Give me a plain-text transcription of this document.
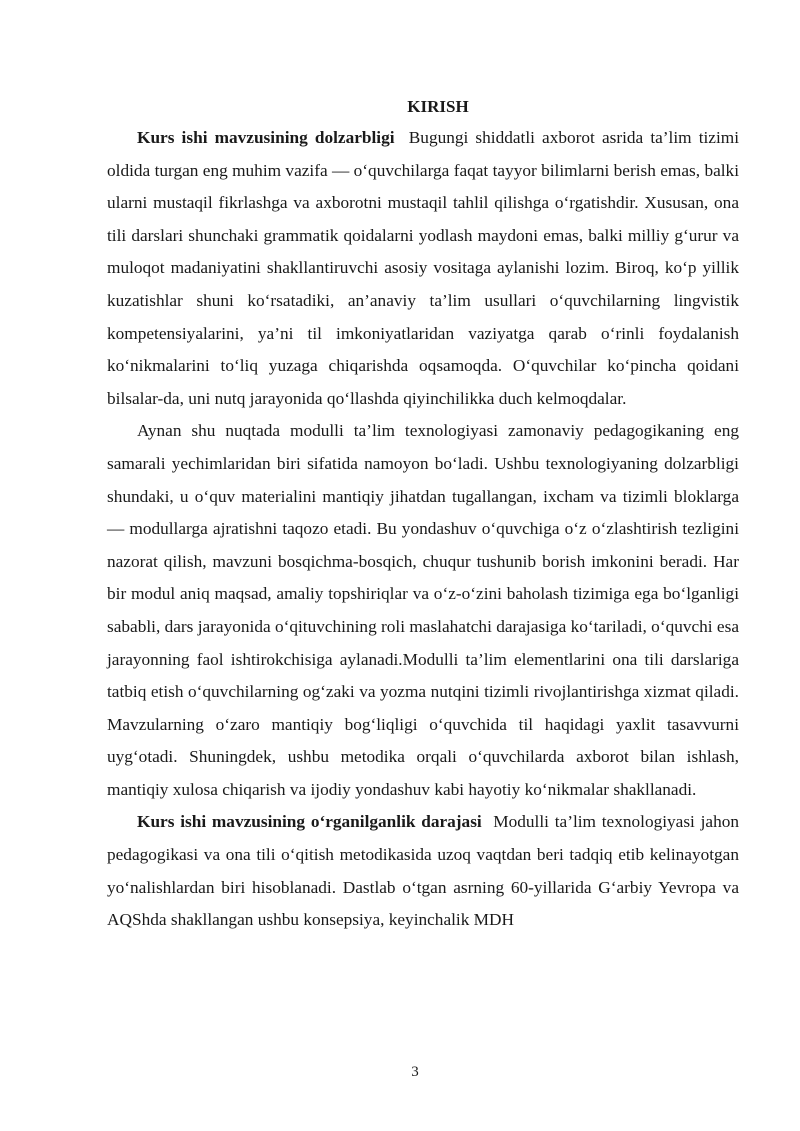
KIRISH

Kurs ishi mavzusining dolzarbligi Bugungi shiddatli axborot asrida ta’lim tizimi oldida turgan eng muhim vazifa — o‘quvchilarga faqat tayyor bilimlarni berish emas, balki ularni mustaqil fikrlashga va axborotni mustaqil tahlil qilishga o‘rgatishdir. Xususan, ona tili darslari shunchaki grammatik qoidalarni yodlash maydoni emas, balki milliy g‘urur va muloqot madaniyatini shakllantiruvchi asosiy vositaga aylanishi lozim. Biroq, ko‘p yillik kuzatishlar shuni ko‘rsatadiki, an’anaviy ta’lim usullari o‘quvchilarning lingvistik kompetensiyalarini, ya’ni til imkoniyatlaridan vaziyatga qarab o‘rinli foydalanish ko‘nikmalarini to‘liq yuzaga chiqarishda oqsamoqda. O‘quvchilar ko‘pincha qoidani bilsalar-da, uni nutq jarayonida qo‘llashda qiyinchilikka duch kelmoqdalar.

Aynan shu nuqtada modulli ta’lim texnologiyasi zamonaviy pedagogikaning eng samarali yechimlaridan biri sifatida namoyon bo‘ladi. Ushbu texnologiyaning dolzarbligi shundaki, u o‘quv materialini mantiqiy jihatdan tugallangan, ixcham va tizimli bloklarga — modullarga ajratishni taqozo etadi. Bu yondashuv o‘quvchiga o‘z o‘zlashtirish tezligini nazorat qilish, mavzuni bosqichma-bosqich, chuqur tushunib borish imkonini beradi. Har bir modul aniq maqsad, amaliy topshiriqlar va o‘z-o‘zini baholash tizimiga ega bo‘lganligi sababli, dars jarayonida o‘qituvchining roli maslahatchi darajasiga ko‘tariladi, o‘quvchi esa jarayonning faol ishtirokchisiga aylanadi.Modulli ta’lim elementlarini ona tili darslariga tatbiq etish o‘quvchilarning og‘zaki va yozma nutqini tizimli rivojlantirishga xizmat qiladi. Mavzularning o‘zaro mantiqiy bog‘liqligi o‘quvchida til haqidagi yaxlit tasavvurni uyg‘otadi. Shuningdek, ushbu metodika orqali o‘quvchilarda axborot bilan ishlash, mantiqiy xulosa chiqarish va ijodiy yondashuv kabi hayotiy ko‘nikmalar shakllanadi.

Kurs ishi mavzusining o‘rganilganlik darajasi Modulli ta’lim texnologiyasi jahon pedagogikasi va ona tili o‘qitish metodikasida uzoq vaqtdan beri tadqiq etib kelinayotgan yo‘nalishlardan biri hisoblanadi. Dastlab o‘tgan asrning 60-yillarida G‘arbiy Yevropa va AQShda shakllangan ushbu konsepsiya, keyinchalik MDH

3
